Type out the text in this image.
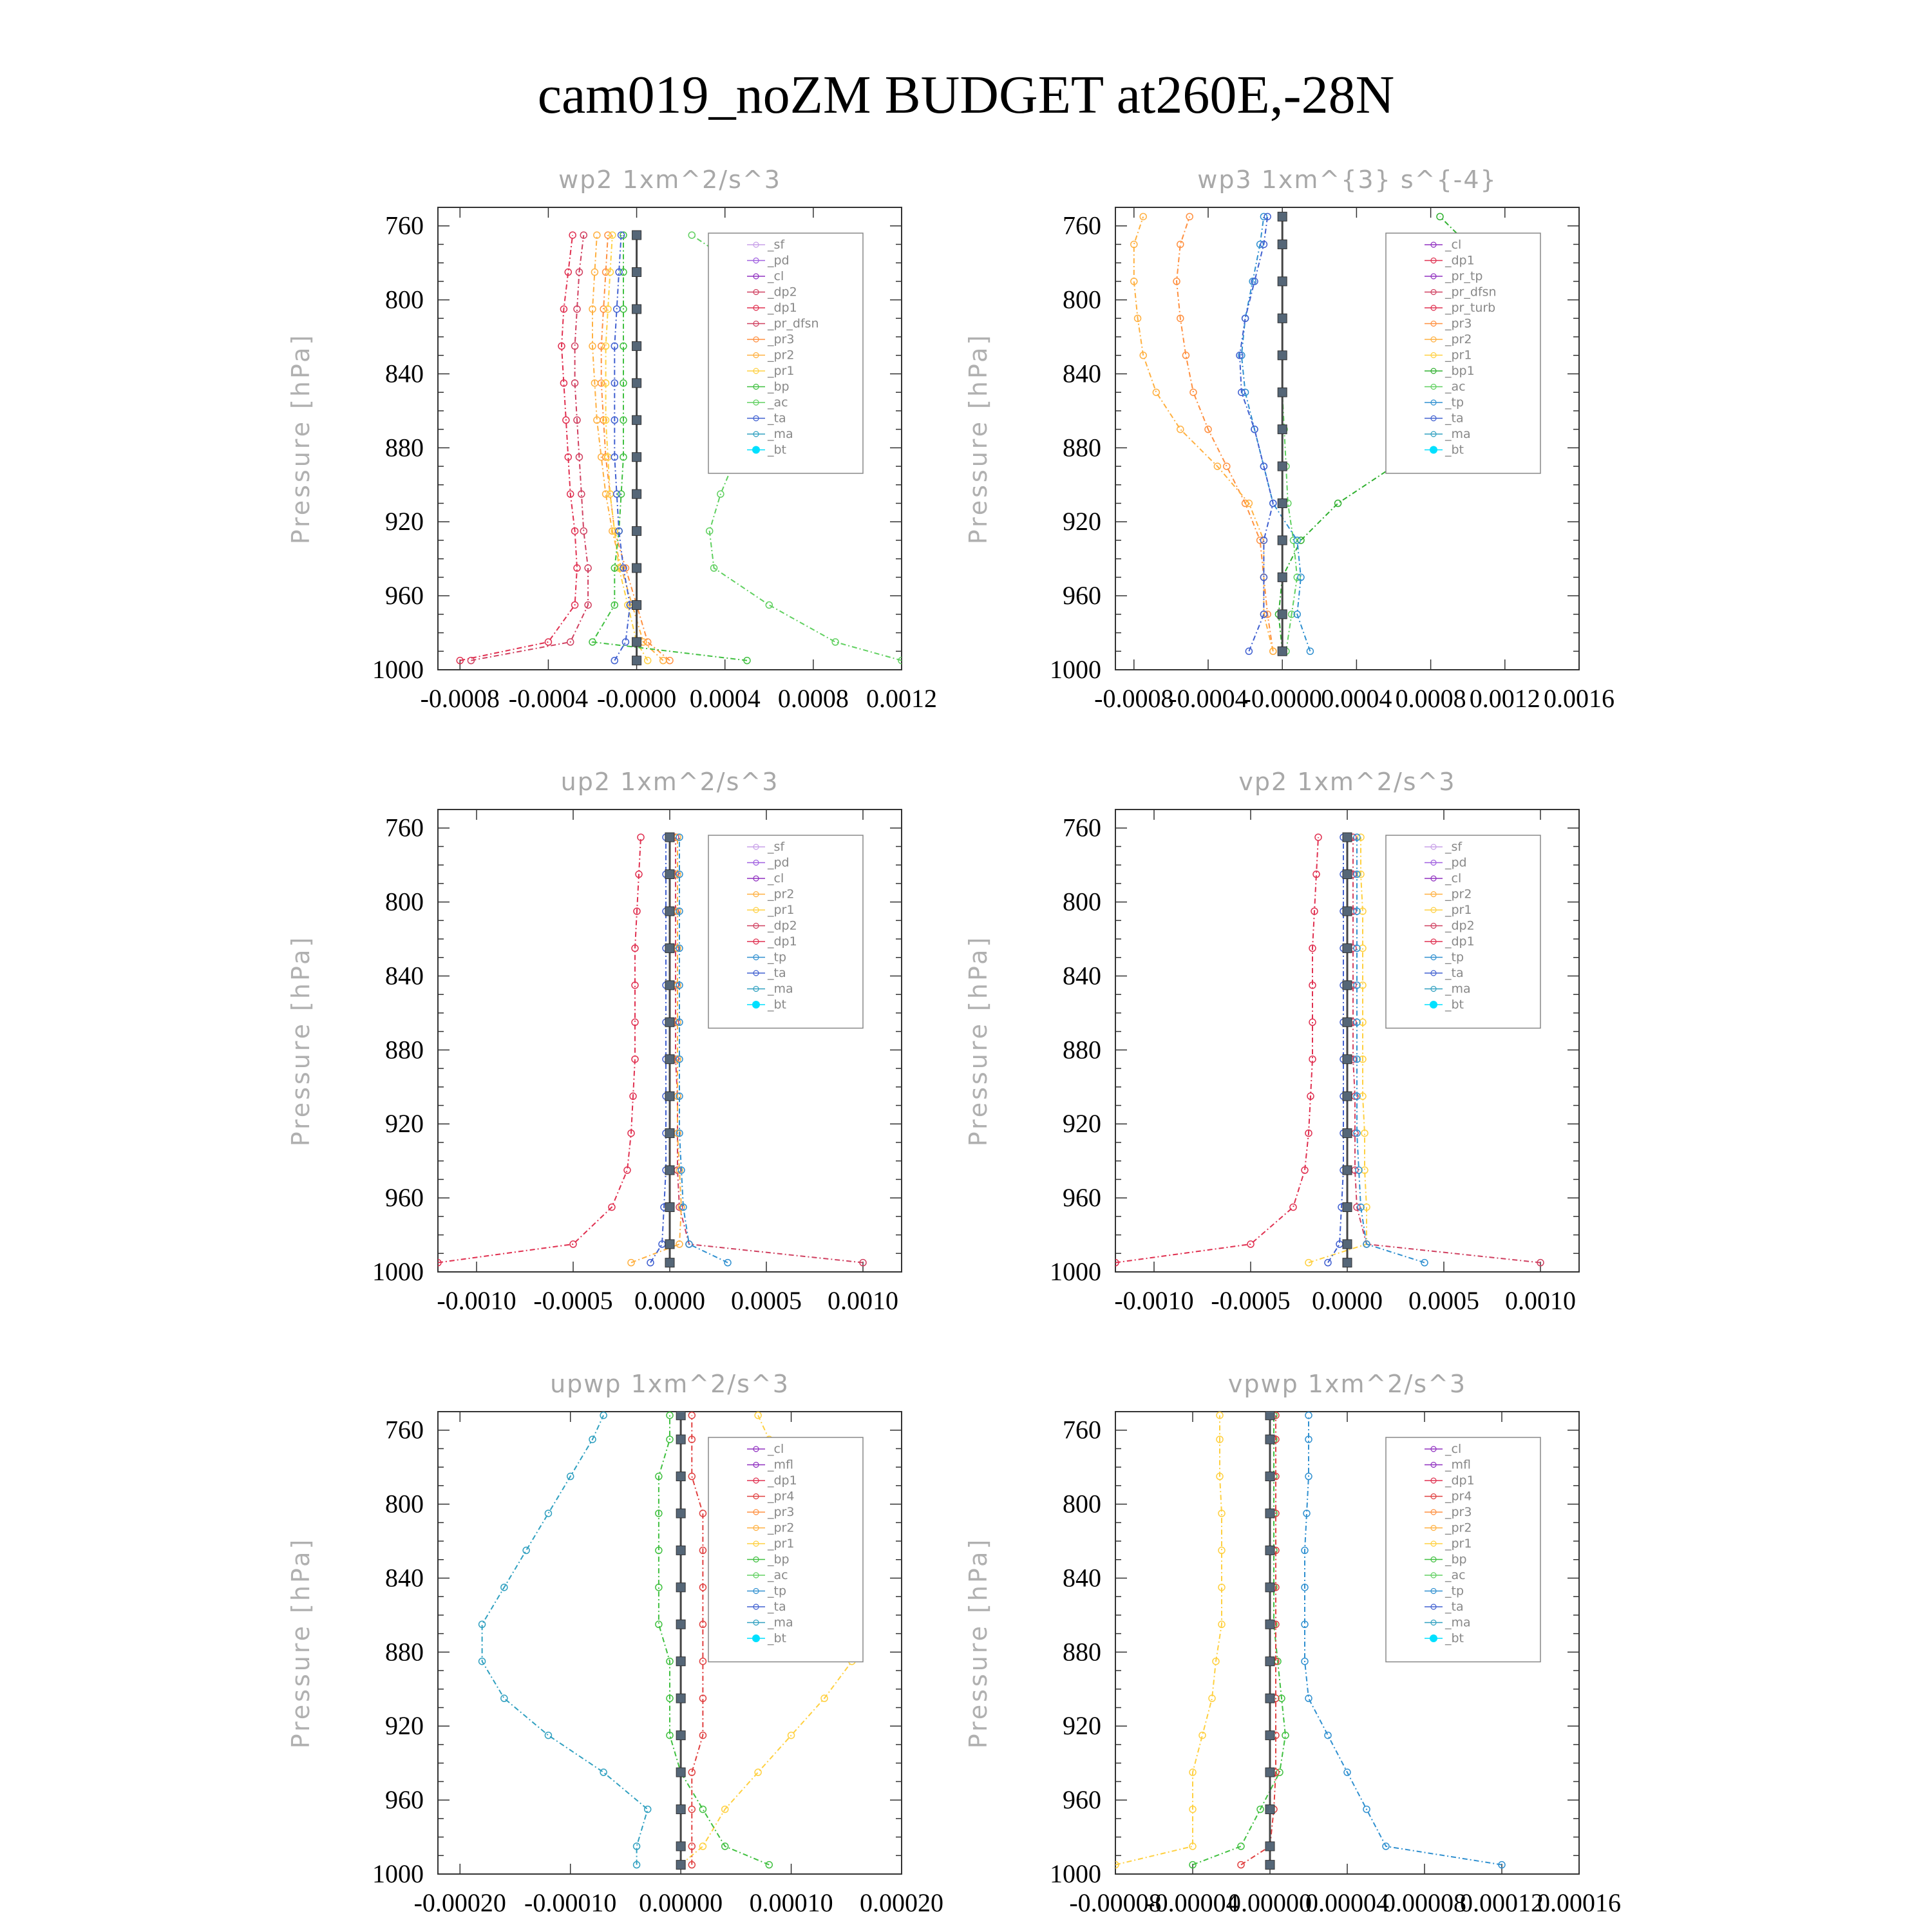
cam019_noZM BUDGET at260E,-28N
wp2 1xm^2/s^3
Pressure [hPa]
760
800
840
880
920
960
1000
-0.0008 -0.0004 -0.0000 0.0004 0.0008 0.0012
_sf
_pd
_cl
_dp2
_dp1
_pr_dfsn
_pr3
_pr2
_pr1
_bp
_ac
_ta
_ma
_bt
wp3 1xm^{3} s^{-4}
Pressure [hPa]
760
800
840
880
920
960
1000
-0.0008
-0.0004
-0.0000
0.0004 0.0008 0.0012 0.0016
_cl
_dp1
_pr_tp
_pr_dfsn
_pr_turb
_pr3
_pr2
_pr1
_bp1
_ac
_tp
_ta
_ma
_bt
up2 1xm^2/s^3
Pressure [hPa]
760
800
840
880
920
960
1000
-0.0010 -0.0005 0.0000 0.0005 0.0010
_sf
_pd
_cl
_pr2
_pr1
_dp2
_dp1
_tp
_ta
_ma
_bt
vp2 1xm^2/s^3
Pressure [hPa]
760
800
840
880
920
960
1000
-0.0010 -0.0005 0.0000 0.0005 0.0010
_sf
_pd
_cl
_pr2
_pr1
_dp2
_dp1
_tp
_ta
_ma
_bt
upwp 1xm^2/s^3
Pressure [hPa]
760
800
840
880
920
960
1000
-0.00020 -0.00010 0.00000 0.00010 0.00020
_cl
_mfl
_dp1
_pr4
_pr3
_pr2
_pr1
_bp
_ac
_tp
_ta
_ma
_bt
vpwp 1xm^2/s^3
Pressure [hPa]
760
800
840
880
920
960
1000
-0.00008
-0.00004
0.00000
0.00004
0.00008
0.00012
0.00016
_cl
_mfl
_dp1
_pr4
_pr3
_pr2
_pr1
_bp
_ac
_tp
_ta
_ma
_bt
